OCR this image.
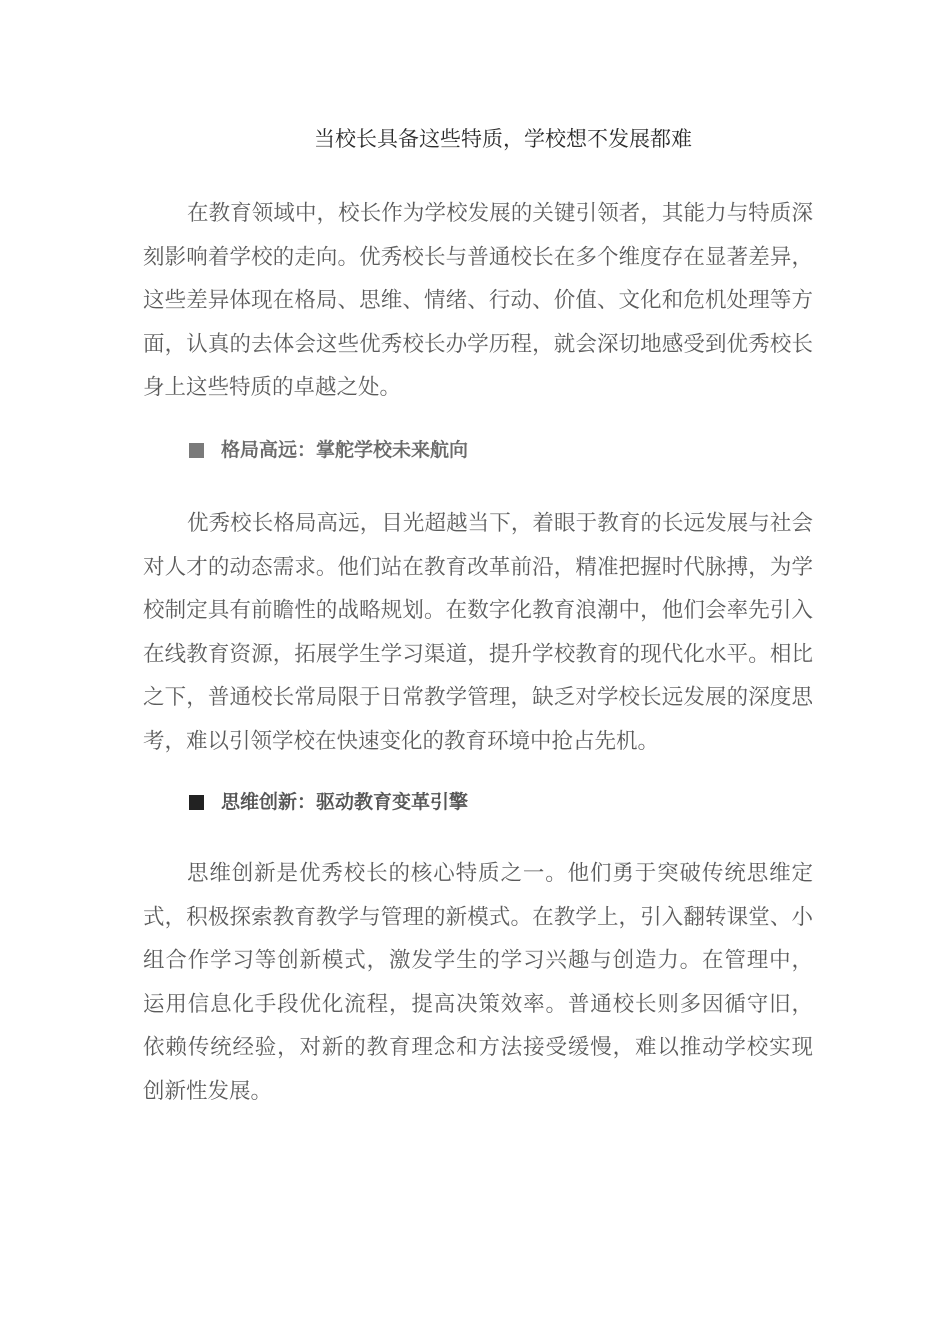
当校长具备这些特质，学校想不发展都难

在教育领域中，校长作为学校发展的关键引领者，其能力与特质深刻影响着学校的走向。优秀校长与普通校长在多个维度存在显著差异，这些差异体现在格局、思维、情绪、行动、价值、文化和危机处理等方面，认真的去体会这些优秀校长办学历程，就会深切地感受到优秀校长身上这些特质的卓越之处。

格局高远：掌舵学校未来航向

优秀校长格局高远，目光超越当下，着眼于教育的长远发展与社会对人才的动态需求。他们站在教育改革前沿，精准把握时代脉搏，为学校制定具有前瞻性的战略规划。在数字化教育浪潮中，他们会率先引入在线教育资源，拓展学生学习渠道，提升学校教育的现代化水平。相比之下，普通校长常局限于日常教学管理，缺乏对学校长远发展的深度思考，难以引领学校在快速变化的教育环境中抢占先机。

思维创新：驱动教育变革引擎

思维创新是优秀校长的核心特质之一。他们勇于突破传统思维定式，积极探索教育教学与管理的新模式。在教学上，引入翻转课堂、小组合作学习等创新模式，激发学生的学习兴趣与创造力。在管理中， 运用信息化手段优化流程，提高决策效率。普通校长则多因循守旧， 依赖传统经验，对新的教育理念和方法接受缓慢，难以推动学校实现 创新性发展。
